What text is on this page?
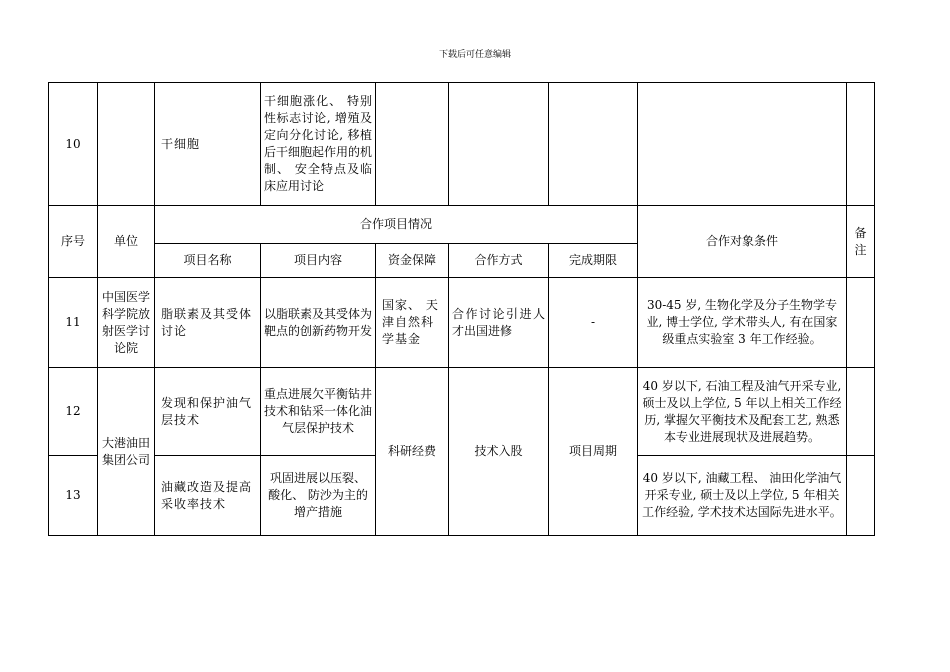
下载后可任意编辑
10		干细胞	干细胞涨化、 特别性标志讨论, 增殖及定向分化讨论, 移植后干细胞起作用的机制、 安全特点及临床应用讨论					
序号	单位	合作项目情况					合作对象条件	备注
		项目名称	项目内容	资金保障	合作方式	完成期限		
11	中国医学科学院放射医学讨论院	脂联素及其受体讨论	以脂联素及其受体为靶点的创新药物开发	国家、 天津自然科学基金	合作讨论引进人才出国进修	-	30-45 岁, 生物化学及分子生物学专业, 博士学位, 学术带头人, 有在国家级重点实验室 3 年工作经验。	
12	大港油田集团公司	发现和保护油气层技术	重点进展欠平衡钻井技术和钻采一体化油气层保护技术	科研经费	技术入股	项目周期	40 岁以下, 石油工程及油气开采专业, 硕士及以上学位, 5 年以上相关工作经历, 掌握欠平衡技术及配套工艺, 熟悉本专业进展现状及进展趋势。	
13		油藏改造及提高采收率技术	巩固进展以压裂、 酸化、 防沙为主的增产措施				40 岁以下, 油藏工程、 油田化学油气开采专业, 硕士及以上学位, 5 年相关工作经验, 学术技术达国际先进水平。	
